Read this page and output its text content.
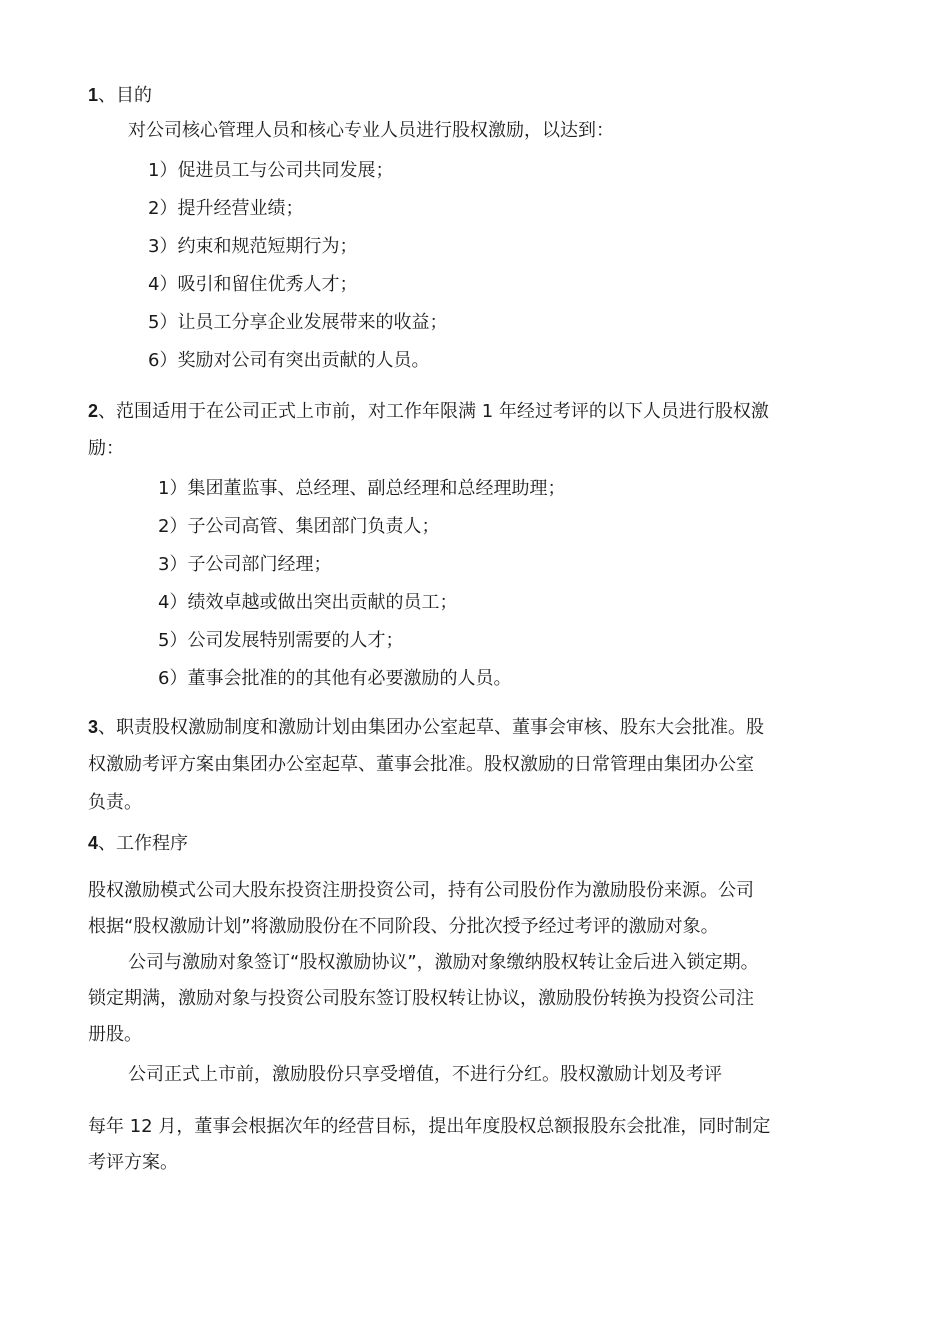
1、目的
对公司核心管理人员和核心专业人员进行股权激励，以达到：
1）促进员工与公司共同发展；
2）提升经营业绩；
3）约束和规范短期行为；
4）吸引和留住优秀人才；
5）让员工分享企业发展带来的收益；
6）奖励对公司有突出贡献的人员。
2、范围适用于在公司正式上市前，对工作年限满 1 年经过考评的以下人员进行股权激
励：
1）集团董监事、总经理、副总经理和总经理助理；
2）子公司高管、集团部门负责人；
3）子公司部门经理；
4）绩效卓越或做出突出贡献的员工；
5）公司发展特别需要的人才；
6）董事会批准的的其他有必要激励的人员。
3、职责股权激励制度和激励计划由集团办公室起草、董事会审核、股东大会批准。股
权激励考评方案由集团办公室起草、董事会批准。股权激励的日常管理由集团办公室
负责。
4、工作程序
股权激励模式公司大股东投资注册投资公司，持有公司股份作为激励股份来源。公司
根据“股权激励计划”将激励股份在不同阶段、分批次授予经过考评的激励对象。
公司与激励对象签订“股权激励协议”，激励对象缴纳股权转让金后进入锁定期。
锁定期满，激励对象与投资公司股东签订股权转让协议，激励股份转换为投资公司注
册股。
公司正式上市前，激励股份只享受增值，不进行分红。股权激励计划及考评
每年 12 月，董事会根据次年的经营目标，提出年度股权总额报股东会批准，同时制定
考评方案。
